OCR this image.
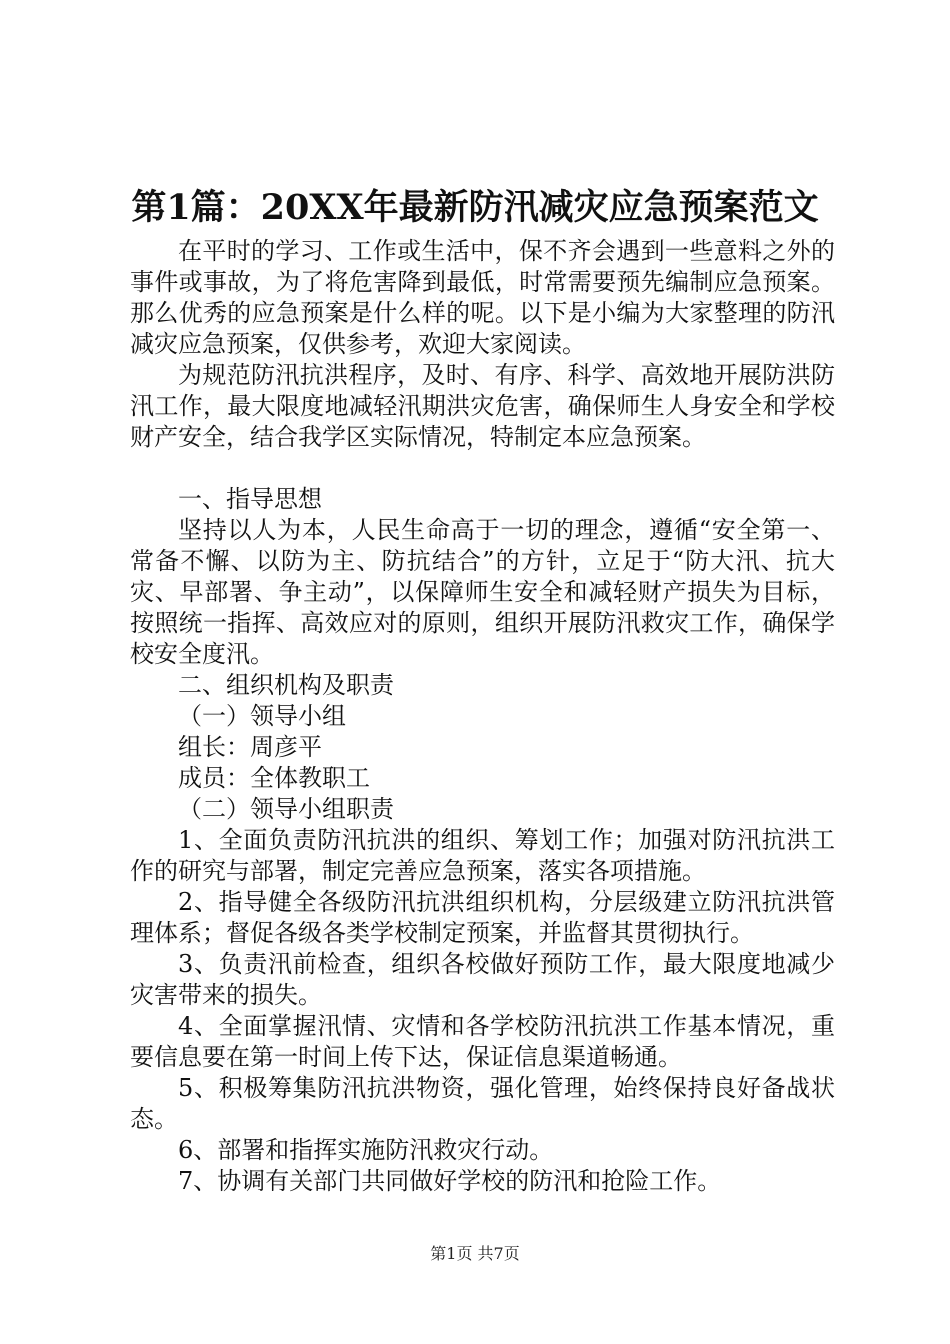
第1篇：20XX年最新防汛减灾应急预案范文

在平时的学习、工作或生活中，保不齐会遇到一些意料之外的事件或事故，为了将危害降到最低，时常需要预先编制应急预案。那么优秀的应急预案是什么样的呢。以下是小编为大家整理的防汛减灾应急预案，仅供参考，欢迎大家阅读。

为规范防汛抗洪程序，及时、有序、科学、高效地开展防洪防汛工作，最大限度地减轻汛期洪灾危害，确保师生人身安全和学校财产安全，结合我学区实际情况，特制定本应急预案。

一、指导思想

坚持以人为本，人民生命高于一切的理念，遵循“安全第一、常备不懈、以防为主、防抗结合”的方针，立足于“防大汛、抗大灾、早部署、争主动”，以保障师生安全和减轻财产损失为目标，按照统一指挥、高效应对的原则，组织开展防汛救灾工作，确保学校安全度汛。

二、组织机构及职责

（一）领导小组

组长：周彦平

成员：全体教职工

（二）领导小组职责

1、全面负责防汛抗洪的组织、筹划工作；加强对防汛抗洪工作的研究与部署，制定完善应急预案，落实各项措施。

2、指导健全各级防汛抗洪组织机构，分层级建立防汛抗洪管理体系；督促各级各类学校制定预案，并监督其贯彻执行。

3、负责汛前检查，组织各校做好预防工作，最大限度地减少灾害带来的损失。

4、全面掌握汛情、灾情和各学校防汛抗洪工作基本情况，重要信息要在第一时间上传下达，保证信息渠道畅通。

5、积极筹集防汛抗洪物资，强化管理，始终保持良好备战状态。

6、部署和指挥实施防汛救灾行动。

7、协调有关部门共同做好学校的防汛和抢险工作。

第1页 共7页
